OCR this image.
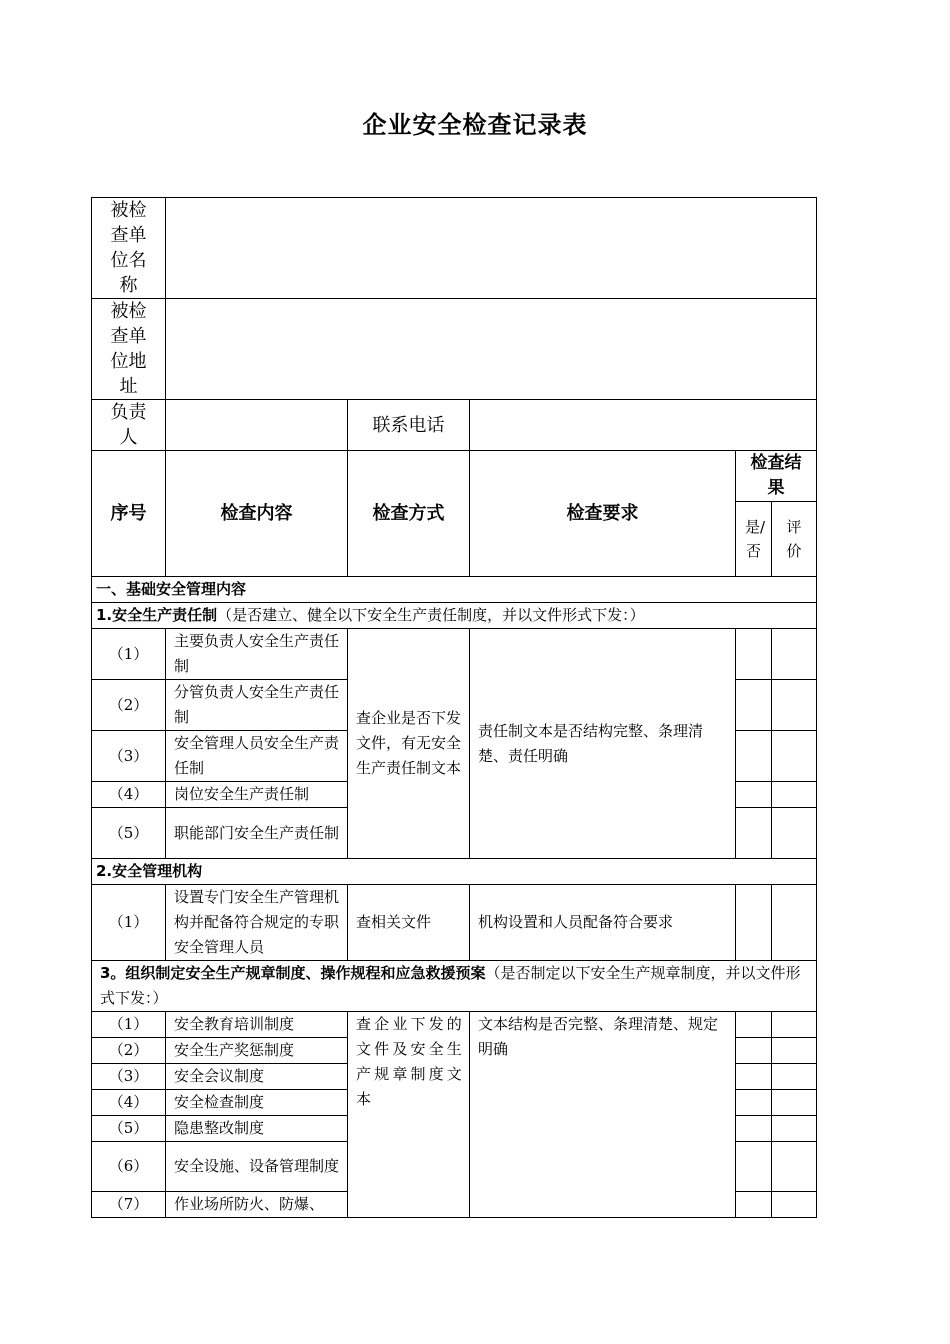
企业安全检查记录表
被检查单位名称					
被检查单位地址					
负责人		联系电话			
序号	检查内容	检查方式	检查要求	检查结果	
				是/否	评价
一、基础安全管理内容					
1.安全生产责任制（是否建立、健全以下安全生产责任制度，并以文件形式下发：）					
（1）	主要负责人安全生产责任制	查企业是否下发文件，有无安全生产责任制文本	责任制文本是否结构完整、条理清楚、责任明确		
（2）	分管负责人安全生产责任制				
（3）	安全管理人员安全生产责任制				
（4）	岗位安全生产责任制				
（5）	职能部门安全生产责任制				
2.安全管理机构					
（1）	设置专门安全生产管理机构并配备符合规定的专职安全管理人员	查相关文件	机构设置和人员配备符合要求		
3。组织制定安全生产规章制度、操作规程和应急救援预案（是否制定以下安全生产规章制度，并以文件形式下发：）					
（1）	安全教育培训制度	查企业下发的文件及安全生产规章制度文本	文本结构是否完整、条理清楚、规定明确		
（2）	安全生产奖惩制度				
（3）	安全会议制度				
（4）	安全检查制度				
（5）	隐患整改制度				
（6）	安全设施、设备管理制度				
（7）	作业场所防火、防爆、				
